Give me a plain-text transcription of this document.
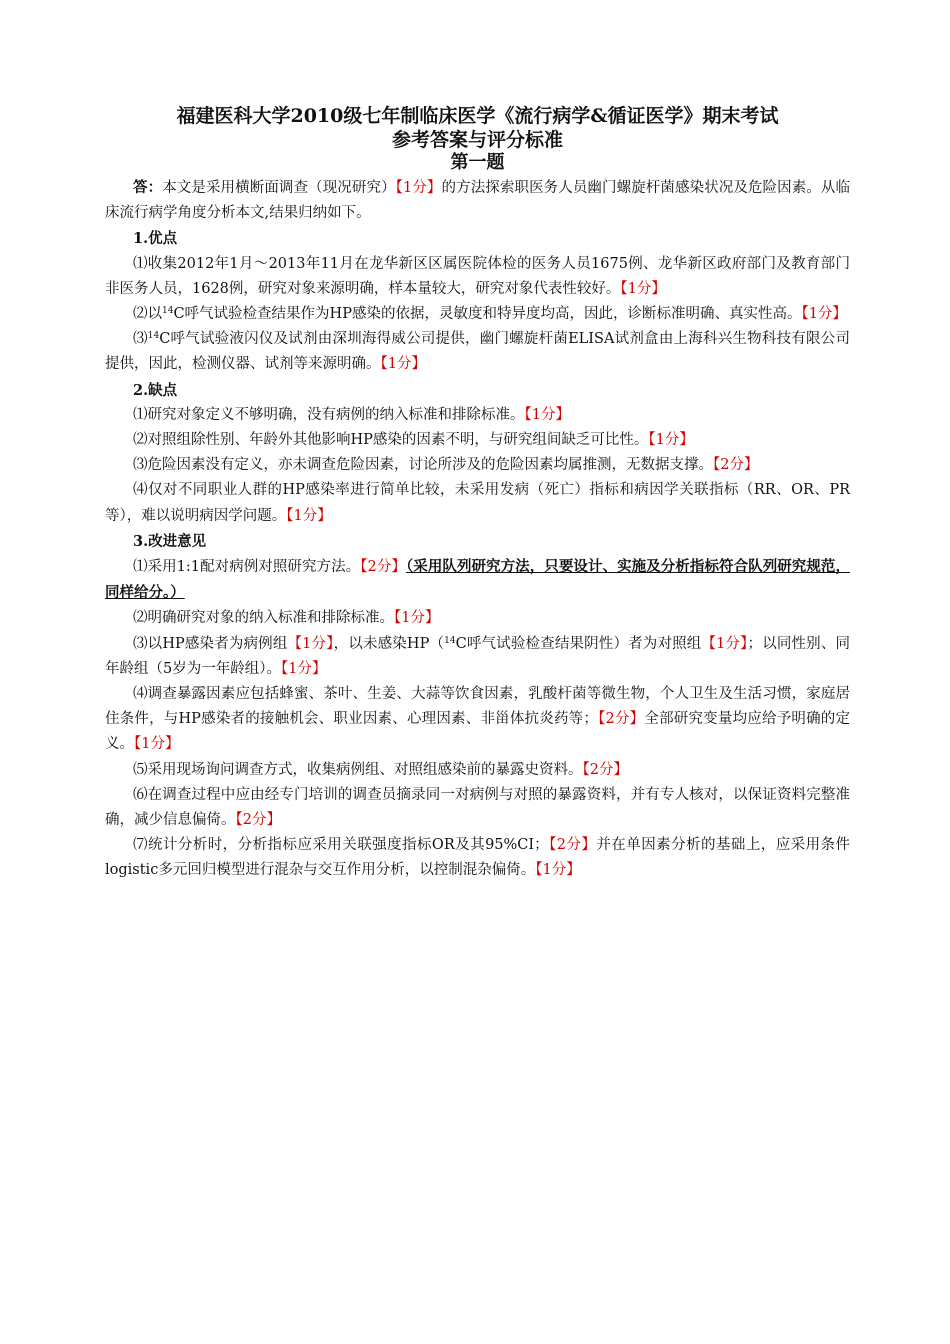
福建医科大学2010级七年制临床医学《流行病学&循证医学》期末考试
参考答案与评分标准
第一题

答：本文是采用横断面调查（现况研究）【1分】的方法探索职医务人员幽门螺旋杆菌感染状况及危险因素。从临床流行病学角度分析本文,结果归纳如下。

1.优点

⑴收集2012年1月～2013年11月在龙华新区区属医院体检的医务人员1675例、龙华新区政府部门及教育部门非医务人员，1628例，研究对象来源明确，样本量较大，研究对象代表性较好。【1分】

⑵以$^{14}$C呼气试验检查结果作为HP感染的依据，灵敏度和特异度均高，因此，诊断标准明确、真实性高。【1分】

⑶$^{14}$C呼气试验液闪仪及试剂由深圳海得威公司提供，幽门螺旋杆菌ELISA试剂盒由上海科兴生物科技有限公司提供，因此，检测仪器、试剂等来源明确。【1分】

2.缺点

⑴研究对象定义不够明确，没有病例的纳入标准和排除标准。【1分】

⑵对照组除性别、年龄外其他影响HP感染的因素不明，与研究组间缺乏可比性。【1分】

⑶危险因素没有定义，亦未调查危险因素，讨论所涉及的危险因素均属推测，无数据支撑。【2分】

⑷仅对不同职业人群的HP感染率进行简单比较，未采用发病（死亡）指标和病因学关联指标（RR、OR、PR等），难以说明病因学问题。【1分】

3.改进意见

⑴采用1:1配对病例对照研究方法。【2分】（采用队列研究方法，只要设计、实施及分析指标符合队列研究规范，同样给分。）

⑵明确研究对象的纳入标准和排除标准。【1分】

⑶以HP感染者为病例组【1分】，以未感染HP（$^{14}$C呼气试验检查结果阴性）者为对照组【1分】；以同性别、同年龄组（5岁为一年龄组）。【1分】

⑷调查暴露因素应包括蜂蜜、茶叶、生姜、大蒜等饮食因素，乳酸杆菌等微生物，个人卫生及生活习惯，家庭居住条件，与HP感染者的接触机会、职业因素、心理因素、非甾体抗炎药等；【2分】全部研究变量均应给予明确的定义。【1分】

⑸采用现场询问调查方式，收集病例组、对照组感染前的暴露史资料。【2分】

⑹在调查过程中应由经专门培训的调查员摘录同一对病例与对照的暴露资料，并有专人核对，以保证资料完整准确，减少信息偏倚。【2分】

⑺统计分析时，分析指标应采用关联强度指标OR及其95%CI；【2分】并在单因素分析的基础上，应采用条件logistic多元回归模型进行混杂与交互作用分析，以控制混杂偏倚。【1分】
